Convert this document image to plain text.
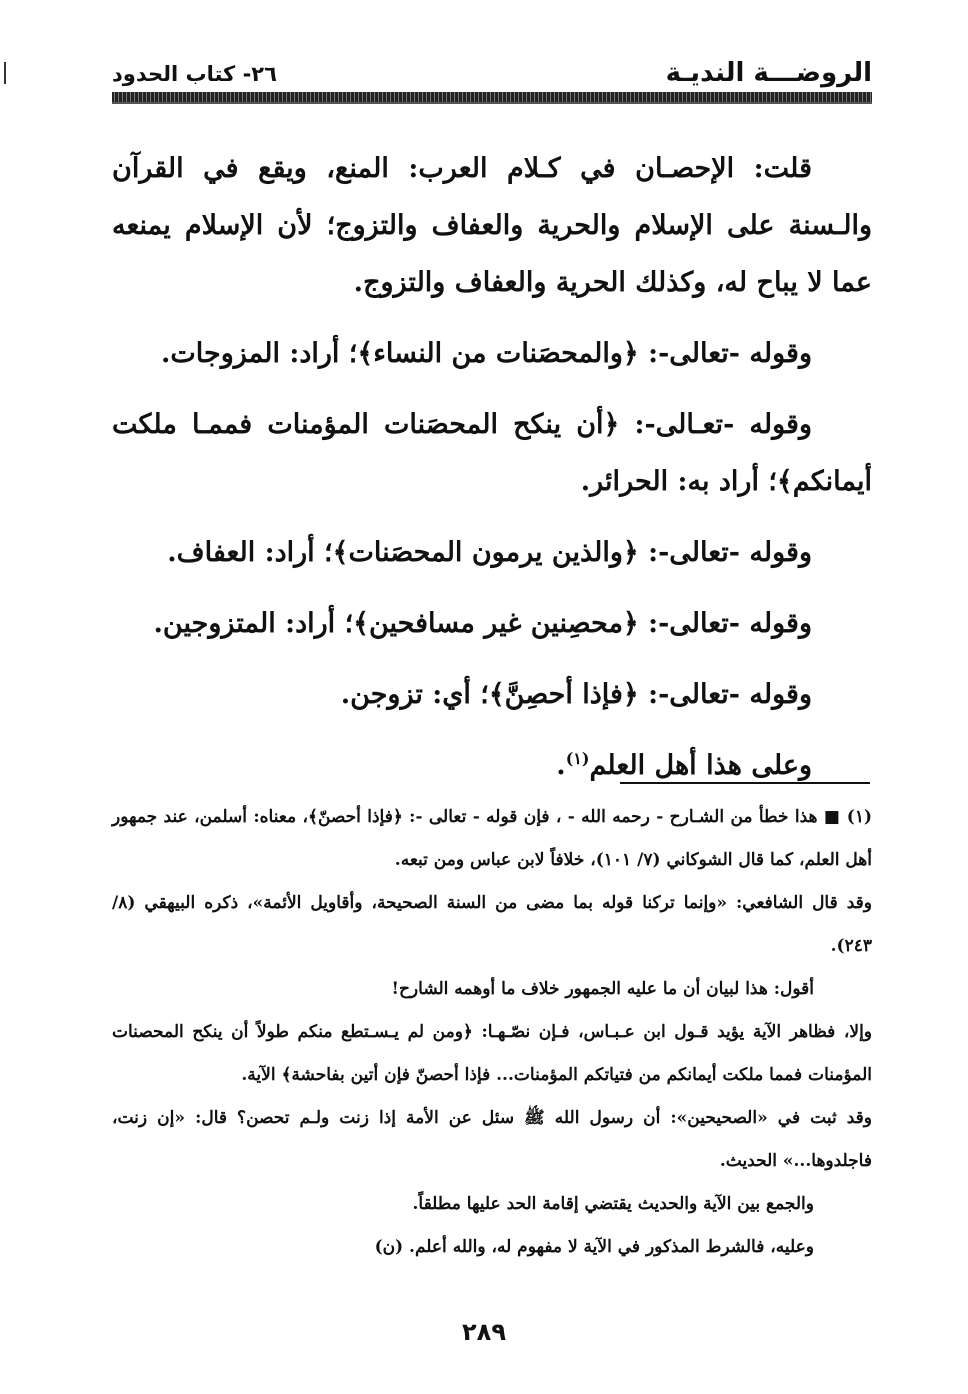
الروضـــة النديـة
٢٦- كتاب الحدود

قلت: الإحصـان في كـلام العرب: المنع، ويقع في القرآن والـسنة على الإسلام والحرية والعفاف والتزوج؛ لأن الإسلام يمنعه عما لا يباح له، وكذلك الحرية والعفاف والتزوج.

وقوله -تعالى-: ﴿والمحصَنات من النساء﴾؛ أراد: المزوجات.

وقوله -تعـالى-: ﴿أن ينكح المحصَنات المؤمنات فممـا ملكت أيمانكم﴾؛ أراد به: الحرائر.

وقوله -تعالى-: ﴿والذين يرمون المحصَنات﴾؛ أراد: العفاف.

وقوله -تعالى-: ﴿محصِنين غير مسافحين﴾؛ أراد: المتزوجين.

وقوله -تعالى-: ﴿فإذا أحصِنَّ﴾؛ أي: تزوجن.

وعلى هذا أهل العلم$^{(١)}$.

(١) ■ هذا خطأ من الشـارح - رحمه الله - ، فإن قوله - تعالى -: ﴿فإذا أحصنّ﴾، معناه: أسلمن، عند جمهور أهل العلم، كما قال الشوكاني (٧/ ١٠١)، خلافاً لابن عباس ومن تبعه.

وقد قال الشافعي: «وإنما تركنا قوله بما مضى من السنة الصحيحة، وأقاويل الأئمة»، ذكره البيهقي (٨/ ٢٤٣).

أقول: هذا لبيان أن ما عليه الجمهور خلاف ما أوهمه الشارح!

وإلا، فظاهر الآية يؤيد قـول ابن عـبـاس، فـإن نصّـهـا: ﴿ومن لم يـسـتطع منكم طولاً أن ينكح المحصنات المؤمنات فمما ملكت أيمانكم من فتياتكم المؤمنات... فإذا أحصنّ فإن أتين بفاحشة﴾ الآية.

وقد ثبت في «الصحيحين»: أن رسول الله ﷺ سئل عن الأمة إذا زنت ولـم تحصن؟ قال: «إن زنت، فاجلدوها...» الحديث.

والجمع بين الآية والحديث يقتضي إقامة الحد عليها مطلقاً.

وعليه، فالشرط المذكور في الآية لا مفهوم له، والله أعلم. (ن)

٢٨٩
